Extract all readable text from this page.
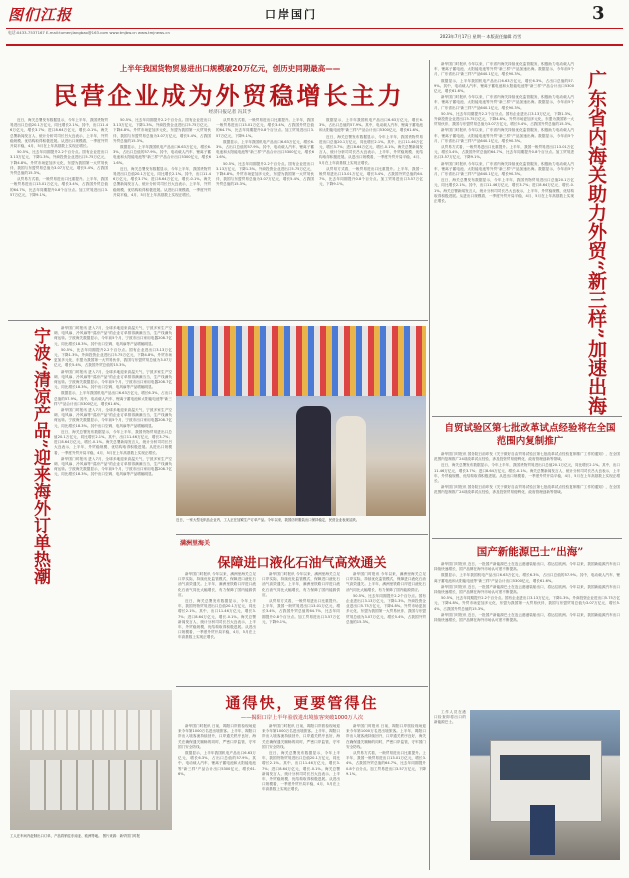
图们江报	口岸国门	3
电话:0433-7537167 E-mail:tumenjiangbao@163.com www.tmjbw.cn www.tmjnews.cn
2023年7月17日 星期一 本版责任编辑 肖雪
上半年我国货物贸易进出口规模破20万亿元，创历史同期最高——
民营企业成为外贸稳增长主力
经济日报记者 冯其予

近日，海关总署发布数据显示，今年上半年，我国货物贸易进出口总值20.1万亿元，同比增长2.1%。其中，出口11.46万亿元，增长3.7%；进口8.64万亿元，增长-0.1%。海关总署新闻发言人、统计分析司司长吕大良表示，上半年，外贸稳规模、优结构取得积极进展。从进出口规模看，一季度外贸开局平稳，4月、5月在上年高基数上实现正增长。

50.5%，比去年同期提升2.2个百分点。国有企业进出口3.13万亿元，下降1.3%。外商投资企业进出口5.75万亿元，下降4.8%。外贸市场更加多元化，东盟为我国第一大贸易伙伴，我国与东盟贸易总值为3.07万亿元，增长5.4%，占我国外贸总值的15.3%。

从贸易方式看，一般贸易进出口比重提升。上半年，我国一般贸易进出口13.01万亿元，增长3.4%，占我国外贸总值的64.7%，比去年同期提升0.8个百分点。加工贸易进出口3.57万亿元，下降9.1%。

50.5%，比去年同期提升2.2个百分点。国有企业进出口3.13万亿元，下降1.3%。外商投资企业进出口5.75万亿元，下降4.8%。外贸市场更加多元化，东盟为我国第一大贸易伙伴，我国与东盟贸易总值为3.07万亿元，增长5.4%，占我国外贸总值的15.3%。

数据显示，上半年我国机电产品出口6.63万亿元，增长6.3%，占出口总值的57.9%。其中，电动载人汽车、锂离子蓄电池和太阳能电池等"新三样"产品合计出口5300亿元，增长61.6%。

近日，海关总署发布数据显示，今年上半年，我国货物贸易进出口总值20.1万亿元，同比增长2.1%。其中，出口11.46万亿元，增长3.7%；进口8.64万亿元，增长-0.1%。海关总署新闻发言人、统计分析司司长吕大良表示，上半年，外贸稳规模、优结构取得积极进展。从进出口规模看，一季度外贸开局平稳，4月、5月在上年高基数上实现正增长。

从贸易方式看，一般贸易进出口比重提升。上半年，我国一般贸易进出口13.01万亿元，增长3.4%，占我国外贸总值的64.7%，比去年同期提升0.8个百分点。加工贸易进出口3.57万亿元，下降9.1%。

数据显示，上半年我国机电产品出口6.63万亿元，增长6.3%，占出口总值的57.9%。其中，电动载人汽车、锂离子蓄电池和太阳能电池等"新三样"产品合计出口5300亿元，增长61.6%。

50.5%，比去年同期提升2.2个百分点。国有企业进出口3.13万亿元，下降1.3%。外商投资企业进出口5.75万亿元，下降4.8%。外贸市场更加多元化，东盟为我国第一大贸易伙伴，我国与东盟贸易总值为3.07万亿元，增长5.4%，占我国外贸总值的15.3%。

数据显示，上半年我国机电产品出口6.63万亿元，增长6.3%，占出口总值的57.9%。其中，电动载人汽车、锂离子蓄电池和太阳能电池等"新三样"产品合计出口5300亿元，增长61.6%。

近日，海关总署发布数据显示，今年上半年，我国货物贸易进出口总值20.1万亿元，同比增长2.1%。其中，出口11.46万亿元，增长3.7%；进口8.64万亿元，增长-0.1%。海关总署新闻发言人、统计分析司司长吕大良表示，上半年，外贸稳规模、优结构取得积极进展。从进出口规模看，一季度外贸开局平稳，4月、5月在上年高基数上实现正增长。

从贸易方式看，一般贸易进出口比重提升。上半年，我国一般贸易进出口13.01万亿元，增长3.4%，占我国外贸总值的64.7%，比去年同期提升0.8个百分点。加工贸易进出口3.57万亿元，下降9.1%。

新华国门时报讯 今年以来，广东省内海关持续优化监管服务，积极助力电动载人汽车、锂离子蓄电池、太阳能电池等外贸"新三样"产品加速出海。数据显示，今年前5个月，广东省出口"新三样"产品640.1亿元，增长90.3%。

数据显示，上半年我国机电产品出口6.63万亿元，增长6.3%，占出口总值的57.9%。其中，电动载人汽车、锂离子蓄电池和太阳能电池等"新三样"产品合计出口5300亿元，增长61.6%。

新华国门时报讯 今年以来，广东省内海关持续优化监管服务，积极助力电动载人汽车、锂离子蓄电池、太阳能电池等外贸"新三样"产品加速出海。数据显示，今年前5个月，广东省出口"新三样"产品640.1亿元，增长90.3%。

50.5%，比去年同期提升2.2个百分点。国有企业进出口3.13万亿元，下降1.3%。外商投资企业进出口5.75万亿元，下降4.8%。外贸市场更加多元化，东盟为我国第一大贸易伙伴，我国与东盟贸易总值为3.07万亿元，增长5.4%，占我国外贸总值的15.3%。

新华国门时报讯 今年以来，广东省内海关持续优化监管服务，积极助力电动载人汽车、锂离子蓄电池、太阳能电池等外贸"新三样"产品加速出海。数据显示，今年前5个月，广东省出口"新三样"产品640.1亿元，增长90.3%。

从贸易方式看，一般贸易进出口比重提升。上半年，我国一般贸易进出口13.01万亿元，增长3.4%，占我国外贸总值的64.7%，比去年同期提升0.8个百分点。加工贸易进出口3.57万亿元，下降9.1%。

新华国门时报讯 今年以来，广东省内海关持续优化监管服务，积极助力电动载人汽车、锂离子蓄电池、太阳能电池等外贸"新三样"产品加速出海。数据显示，今年前5个月，广东省出口"新三样"产品640.1亿元，增长90.3%。

近日，海关总署发布数据显示，今年上半年，我国货物贸易进出口总值20.1万亿元，同比增长2.1%。其中，出口11.46万亿元，增长3.7%；进口8.64万亿元，增长-0.1%。海关总署新闻发言人、统计分析司司长吕大良表示，上半年，外贸稳规模、优结构取得积极进展。从进出口规模看，一季度外贸开局平稳，4月、5月在上年高基数上实现正增长。	广东省内海关助力外贸“新三样”加速出海
自贸试验区第七批改革试点经验将在全国范围内复制推广

新华国门时报讯 国务院日前印发《关于做好自由贸易试验区第七批改革试点经验复制推广工作的通知》，在全国范围内复制推广24项改革试点经验，涉及投资贸易便利化、政府管理创新等领域。

近日，海关总署发布数据显示，今年上半年，我国货物贸易进出口总值20.1万亿元，同比增长2.1%。其中，出口11.46万亿元，增长3.7%；进口8.64万亿元，增长-0.1%。海关总署新闻发言人、统计分析司司长吕大良表示，上半年，外贸稳规模、优结构取得积极进展。从进出口规模看，一季度外贸开局平稳，4月、5月在上年高基数上实现正增长。

新华国门时报讯 国务院日前印发《关于做好自由贸易试验区第七批改革试点经验复制推广工作的通知》，在全国范围内复制推广24项改革试点经验，涉及投资贸易便利化、政府管理创新等领域。

国产新能源巴士“出海”

新华国门时报讯 近日，一批国产新能源巴士在连云港港装船出口，将运往欧洲。今年以来，我国新能源汽车出口持续快速增长，国产品牌在海外市场认可度不断提高。

数据显示，上半年我国机电产品出口6.63万亿元，增长6.3%，占出口总值的57.9%。其中，电动载人汽车、锂离子蓄电池和太阳能电池等"新三样"产品合计出口5300亿元，增长61.6%。

新华国门时报讯 近日，一批国产新能源巴士在连云港港装船出口，将运往欧洲。今年以来，我国新能源汽车出口持续快速增长，国产品牌在海外市场认可度不断提高。

50.5%，比去年同期提升2.2个百分点。国有企业进出口3.13万亿元，下降1.3%。外商投资企业进出口5.75万亿元，下降4.8%。外贸市场更加多元化，东盟为我国第一大贸易伙伴，我国与东盟贸易总值为3.07万亿元，增长5.4%，占我国外贸总值的15.3%。

新华国门时报讯 近日，一批国产新能源巴士在连云港港装船出口，将运往欧洲。今年以来，我国新能源汽车出口持续快速增长，国产品牌在海外市场认可度不断提高。

工作人员在港口检查即将出口的新能源巴士。

宁波“清凉产品”迎来海外订单热潮	新华国门时报讯 进入7月，全球多地迎来高温天气，宁波多家生产空调、电风扇、冷风扇等"清凉产品"的企业订单排得满满当当，生产线满负荷运转。宁波海关数据显示，今年前5个月，宁波市出口家用电器208.7亿元，同比增长18.3%。其中出口空调、电风扇等产品增幅明显。

50.5%，比去年同期提升2.2个百分点。国有企业进出口3.13万亿元，下降1.3%。外商投资企业进出口5.75万亿元，下降4.8%。外贸市场更加多元化，东盟为我国第一大贸易伙伴，我国与东盟贸易总值为3.07万亿元，增长5.4%，占我国外贸总值的15.3%。

新华国门时报讯 进入7月，全球多地迎来高温天气，宁波多家生产空调、电风扇、冷风扇等"清凉产品"的企业订单排得满满当当，生产线满负荷运转。宁波海关数据显示，今年前5个月，宁波市出口家用电器208.7亿元，同比增长18.3%。其中出口空调、电风扇等产品增幅明显。

数据显示，上半年我国机电产品出口6.63万亿元，增长6.3%，占出口总值的57.9%。其中，电动载人汽车、锂离子蓄电池和太阳能电池等"新三样"产品合计出口5300亿元，增长61.6%。

新华国门时报讯 进入7月，全球多地迎来高温天气，宁波多家生产空调、电风扇、冷风扇等"清凉产品"的企业订单排得满满当当，生产线满负荷运转。宁波海关数据显示，今年前5个月，宁波市出口家用电器208.7亿元，同比增长18.3%。其中出口空调、电风扇等产品增幅明显。

近日，海关总署发布数据显示，今年上半年，我国货物贸易进出口总值20.1万亿元，同比增长2.1%。其中，出口11.46万亿元，增长3.7%；进口8.64万亿元，增长-0.1%。海关总署新闻发言人、统计分析司司长吕大良表示，上半年，外贸稳规模、优结构取得积极进展。从进出口规模看，一季度外贸开局平稳，4月、5月在上年高基数上实现正增长。

新华国门时报讯 进入7月，全球多地迎来高温天气，宁波多家生产空调、电风扇、冷风扇等"清凉产品"的企业订单排得满满当当，生产线满负荷运转。宁波海关数据显示，今年前5个月，宁波市出口家用电器208.7亿元，同比增长18.3%。其中出口空调、电风扇等产品增幅明显。

工人在车间内赶制出口订单，产品将销往东南亚、欧洲等地。 图片来源：新华国门时报
近日，一家大型毛织品企业内，工人正在加紧生产订单产品。今年以来，我国纺织服装出口保持稳定，民营企业表现活跃。
满洲里海关
保障进口液化石油气高效通关

新华国门时报讯 今年以来，满洲里海关立足口岸实际，持续优化监管模式，保障进口液化石油气高效通关。上半年，满洲里铁路口岸进口液化石油气同比大幅增长，有力保障了国内能源供应。

近日，海关总署发布数据显示，今年上半年，我国货物贸易进出口总值20.1万亿元，同比增长2.1%。其中，出口11.46万亿元，增长3.7%；进口8.64万亿元，增长-0.1%。海关总署新闻发言人、统计分析司司长吕大良表示，上半年，外贸稳规模、优结构取得积极进展。从进出口规模看，一季度外贸开局平稳，4月、5月在上年高基数上实现正增长。

新华国门时报讯 今年以来，满洲里海关立足口岸实际，持续优化监管模式，保障进口液化石油气高效通关。上半年，满洲里铁路口岸进口液化石油气同比大幅增长，有力保障了国内能源供应。

从贸易方式看，一般贸易进出口比重提升。上半年，我国一般贸易进出口13.01万亿元，增长3.4%，占我国外贸总值的64.7%，比去年同期提升0.8个百分点。加工贸易进出口3.57万亿元，下降9.1%。

新华国门时报讯 今年以来，满洲里海关立足口岸实际，持续优化监管模式，保障进口液化石油气高效通关。上半年，满洲里铁路口岸进口液化石油气同比大幅增长，有力保障了国内能源供应。

50.5%，比去年同期提升2.2个百分点。国有企业进出口3.13万亿元，下降1.3%。外商投资企业进出口5.75万亿元，下降4.8%。外贸市场更加多元化，东盟为我国第一大贸易伙伴，我国与东盟贸易总值为3.07万亿元，增长5.4%，占我国外贸总值的15.3%。

通得快，更要管得住
——揭阳口岸上半年验放进出境旅客突破1000万人次

新华国门时报讯 日前，揭阳口岸旅检现场迎来今年第1000万名进出境旅客。上半年，揭阳口岸出入境客流持续回升，口岸通关秩序良好，海关在确保通关顺畅的同时，严密口岸监管，守牢国门安全防线。

数据显示，上半年我国机电产品出口6.63万亿元，增长6.3%，占出口总值的57.9%。其中，电动载人汽车、锂离子蓄电池和太阳能电池等"新三样"产品合计出口5300亿元，增长61.6%。

新华国门时报讯 日前，揭阳口岸旅检现场迎来今年第1000万名进出境旅客。上半年，揭阳口岸出入境客流持续回升，口岸通关秩序良好，海关在确保通关顺畅的同时，严密口岸监管，守牢国门安全防线。

近日，海关总署发布数据显示，今年上半年，我国货物贸易进出口总值20.1万亿元，同比增长2.1%。其中，出口11.46万亿元，增长3.7%；进口8.64万亿元，增长-0.1%。海关总署新闻发言人、统计分析司司长吕大良表示，上半年，外贸稳规模、优结构取得积极进展。从进出口规模看，一季度外贸开局平稳，4月、5月在上年高基数上实现正增长。

新华国门时报讯 日前，揭阳口岸旅检现场迎来今年第1000万名进出境旅客。上半年，揭阳口岸出入境客流持续回升，口岸通关秩序良好，海关在确保通关顺畅的同时，严密口岸监管，守牢国门安全防线。

从贸易方式看，一般贸易进出口比重提升。上半年，我国一般贸易进出口13.01万亿元，增长3.4%，占我国外贸总值的64.7%，比去年同期提升0.8个百分点。加工贸易进出口3.57万亿元，下降9.1%。
